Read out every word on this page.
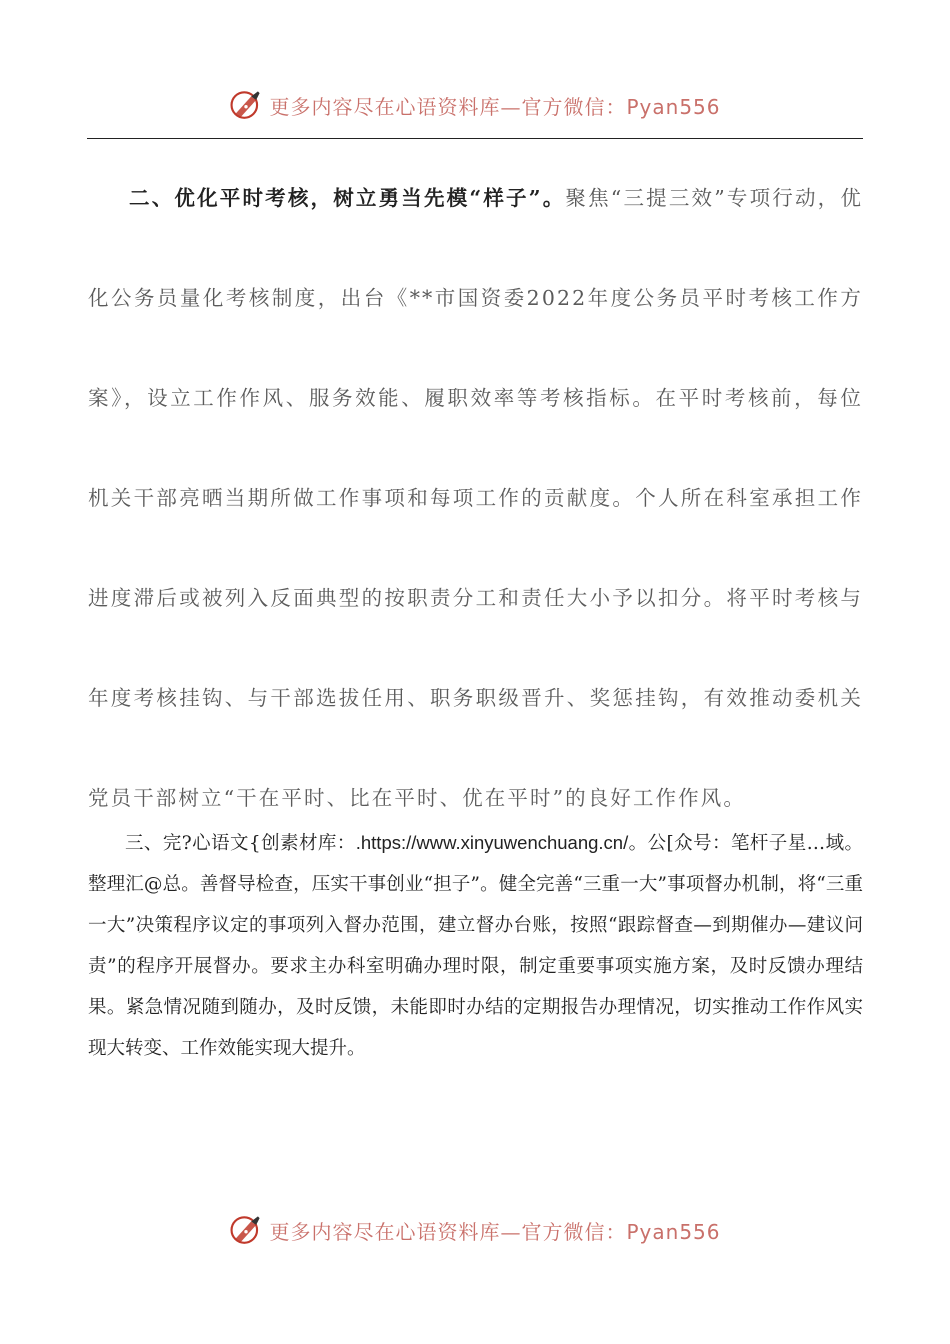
更多内容尽在心语资料库—官方微信：Pyan556

二、优化平时考核，树立勇当先模“样子”。聚焦“三提三效”专项行动，优化公务员量化考核制度，出台《**市国资委2022年度公务员平时考核工作方案》，设立工作作风、服务效能、履职效率等考核指标。在平时考核前，每位机关干部亮晒当期所做工作事项和每项工作的贡献度。个人所在科室承担工作进度滞后或被列入反面典型的按职责分工和责任大小予以扣分。将平时考核与年度考核挂钩、与干部选拔任用、职务职级晋升、奖惩挂钩，有效推动委机关党员干部树立“干在平时、比在平时、优在平时”的良好工作作风。

三、完?心语文{创素材库：.https://www.xinyuwenchuang.cn/。公[众号：笔杆子星…域。整理汇@总。善督导检查，压实干事创业“担子”。健全完善“三重一大”事项督办机制，将“三重一大”决策程序议定的事项列入督办范围，建立督办台账，按照“跟踪督查—到期催办—建议问责”的程序开展督办。要求主办科室明确办理时限，制定重要事项实施方案，及时反馈办理结果。紧急情况随到随办，及时反馈，未能即时办结的定期报告办理情况，切实推动工作作风实现大转变、工作效能实现大提升。

更多内容尽在心语资料库—官方微信：Pyan556
